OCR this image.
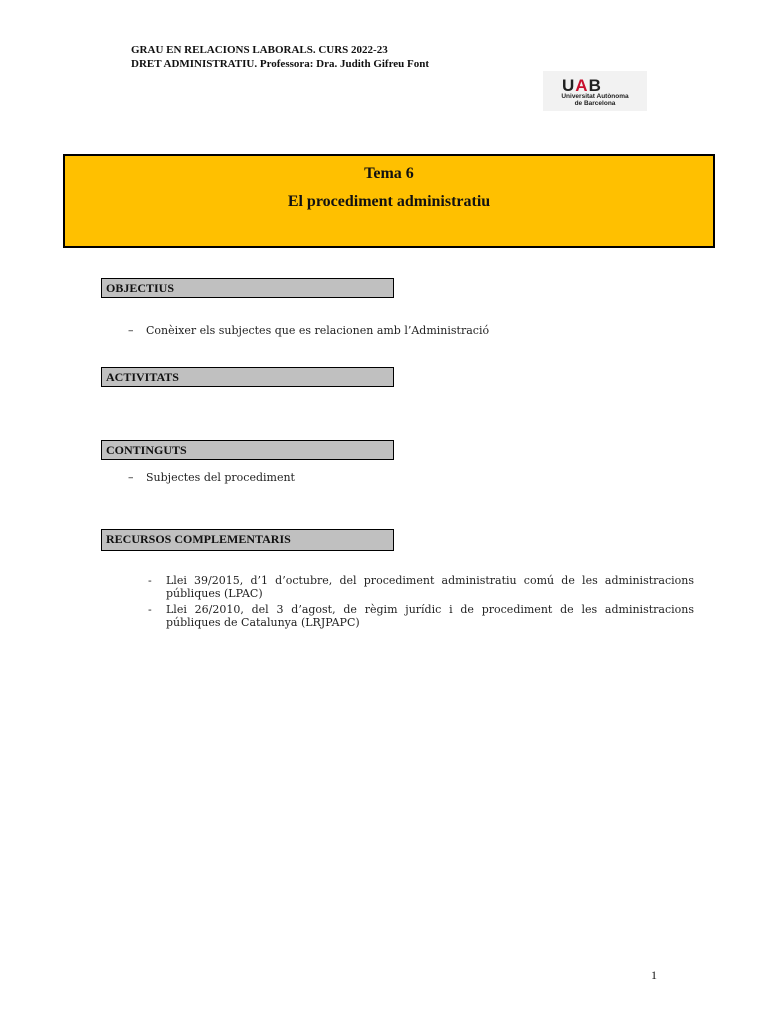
GRAU EN RELACIONS LABORALS. CURS 2022-23
DRET ADMINISTRATIU. Professora: Dra. Judith Gifreu Font
UAB
Universitat Autònoma
de Barcelona
Tema 6
El procediment administratiu
OBJECTIUS
– Conèixer els subjectes que es relacionen amb l’Administració
ACTIVITATS
CONTINGUTS
– Subjectes del procediment
RECURSOS COMPLEMENTARIS
- Llei 39/2015, d’1 d’octubre, del procediment administratiu comú de les administracions públiques (LPAC)
- Llei 26/2010, del 3 d’agost, de règim jurídic i de procediment de les administracions públiques de Catalunya (LRJPAPC)
1
